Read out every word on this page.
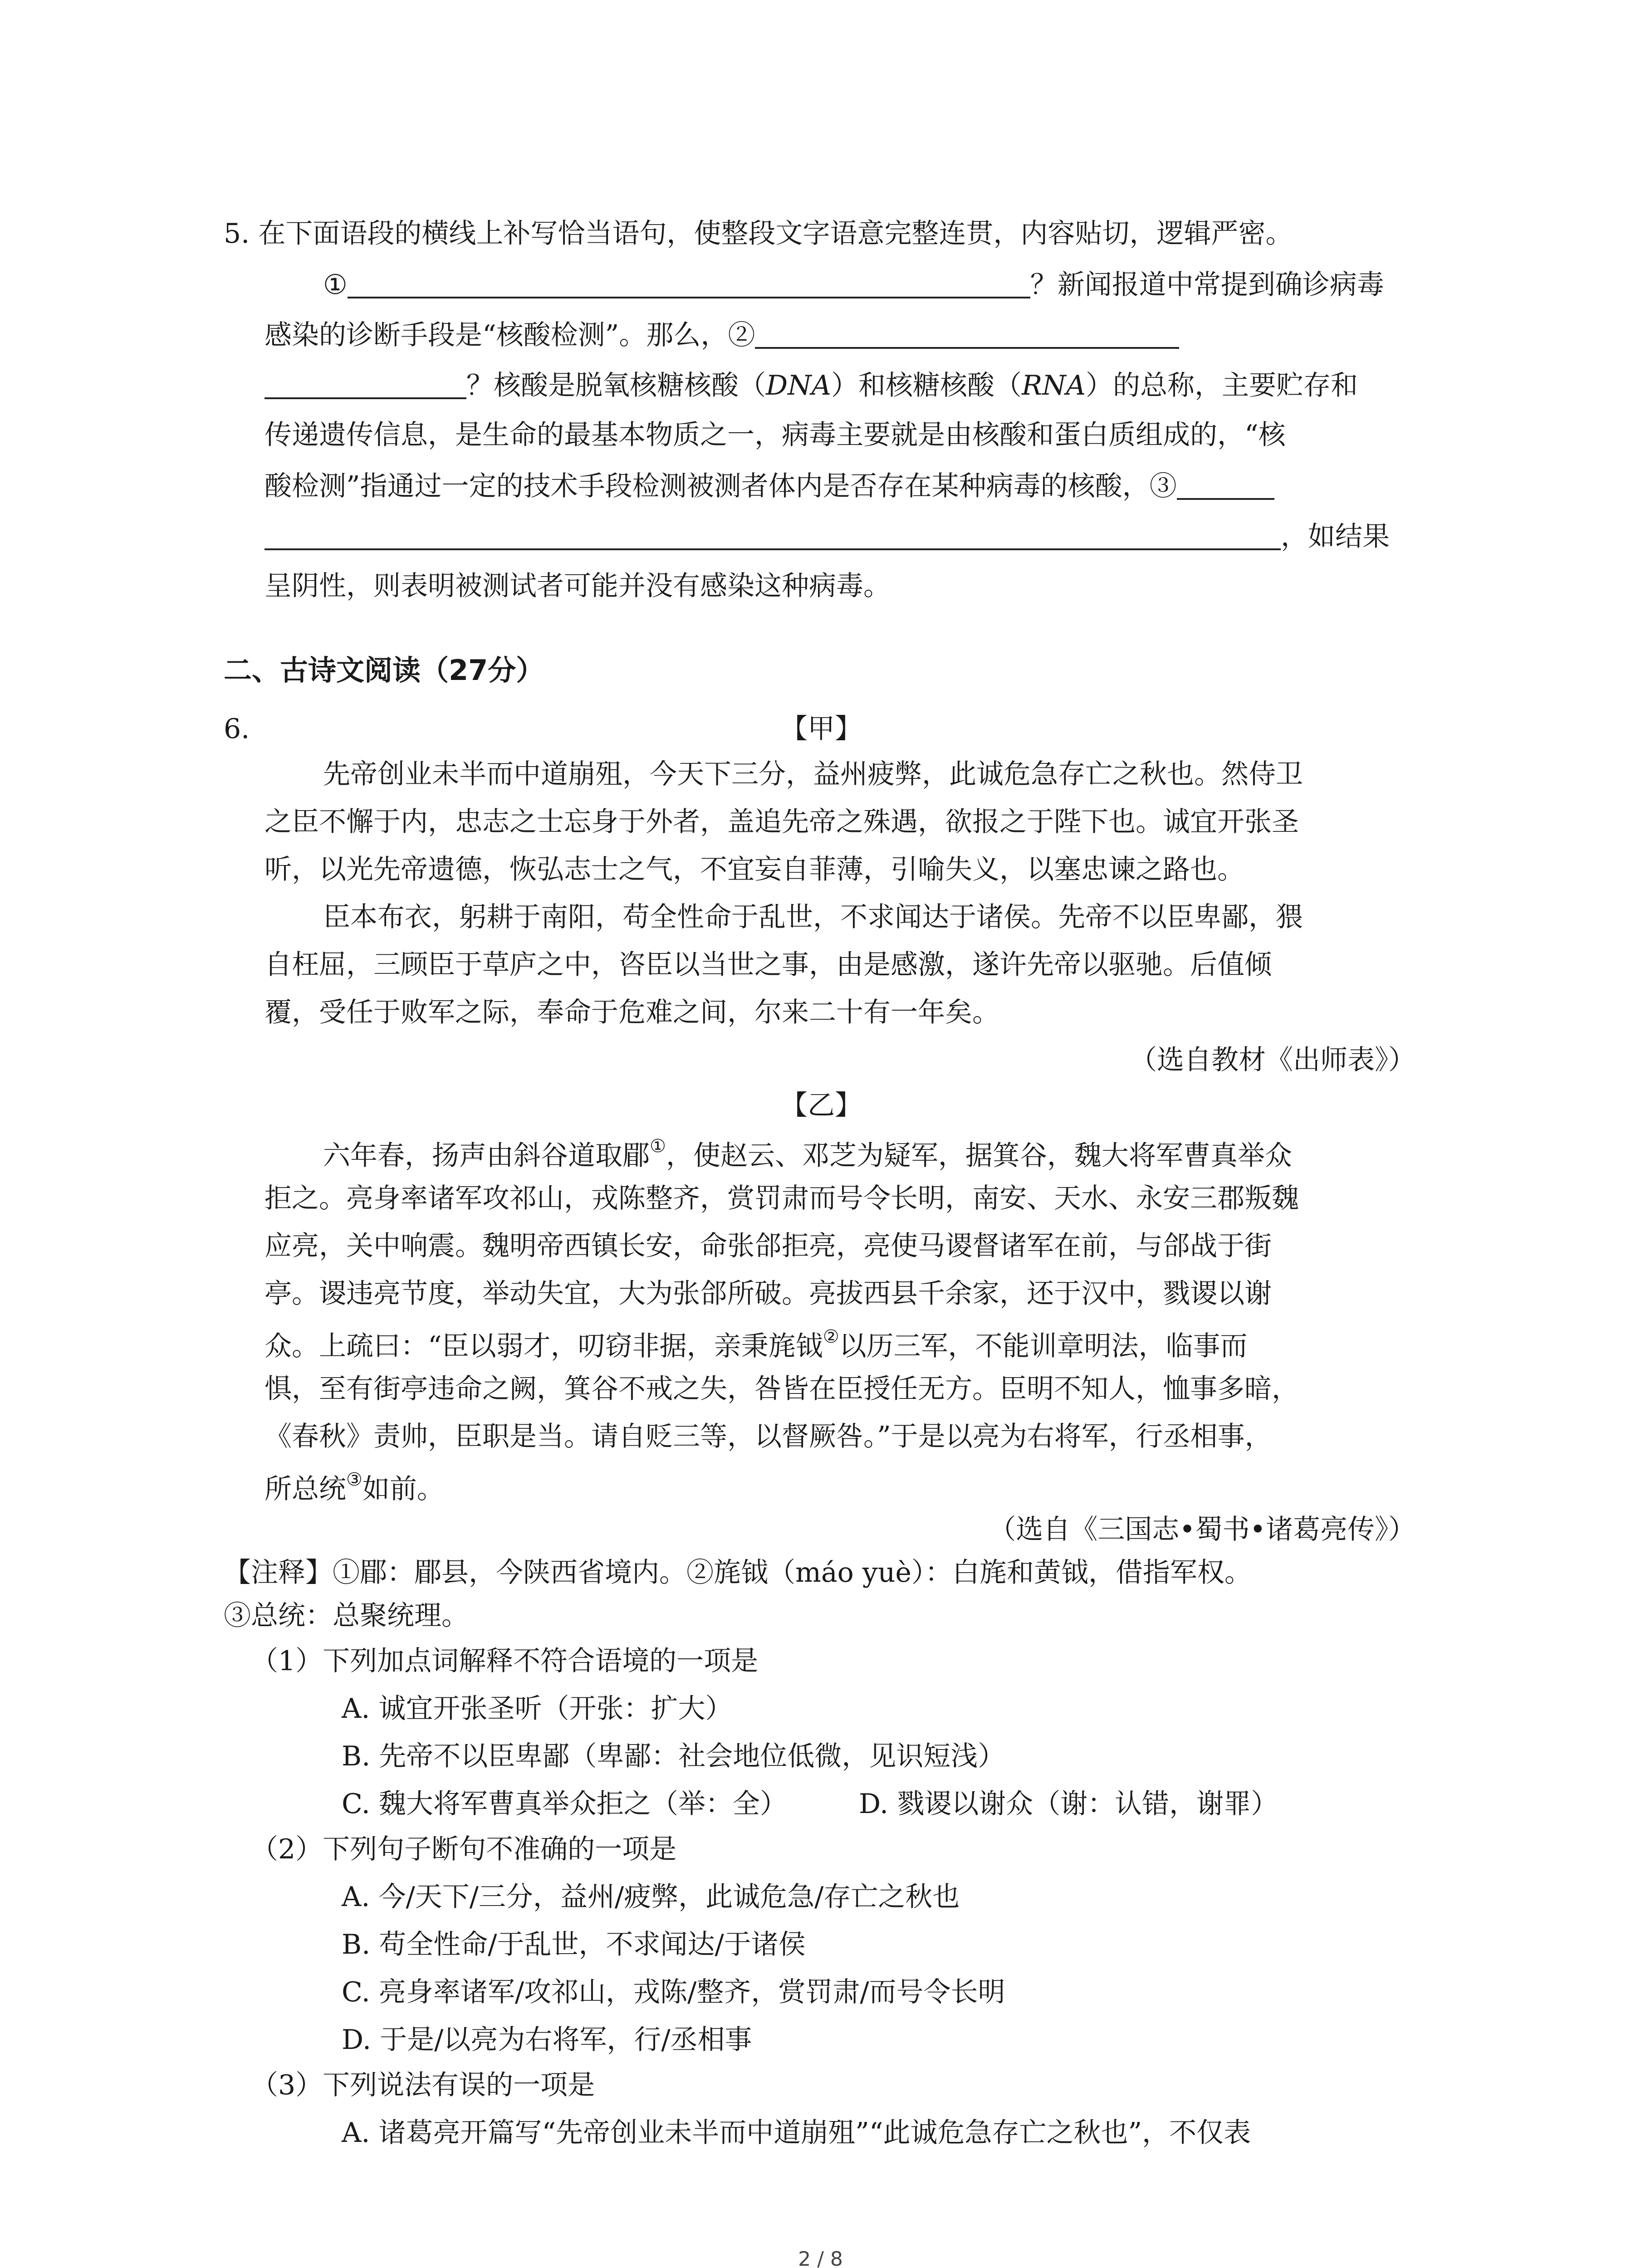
5. 在下面语段的横线上补写恰当语句，使整段文字语意完整连贯，内容贴切，逻辑严密。
①	？新闻报道中常提到确诊病毒
感染的诊断手段是“核酸检测”。那么，②
？核酸是脱氧核糖核酸（DNA）和核糖核酸（RNA）的总称，主要贮存和
传递遗传信息，是生命的最基本物质之一，病毒主要就是由核酸和蛋白质组成的，“核
酸检测”指通过一定的技术手段检测被测者体内是否存在某种病毒的核酸，③
，如结果
呈阴性，则表明被测试者可能并没有感染这种病毒。
二、古诗文阅读（27分）
6.	【甲】
先帝创业未半而中道崩殂，今天下三分，益州疲弊，此诚危急存亡之秋也。然侍卫
之臣不懈于内，忠志之士忘身于外者，盖追先帝之殊遇，欲报之于陛下也。诚宜开张圣
听，以光先帝遗德，恢弘志士之气，不宜妄自菲薄，引喻失义，以塞忠谏之路也。
臣本布衣，躬耕于南阳，苟全性命于乱世，不求闻达于诸侯。先帝不以臣卑鄙，猥
自枉屈，三顾臣于草庐之中，咨臣以当世之事，由是感激，遂许先帝以驱驰。后值倾
覆，受任于败军之际，奉命于危难之间，尔来二十有一年矣。
（选自教材《出师表》）
【乙】
六年春，扬声由斜谷道取郿①，使赵云、邓芝为疑军，据箕谷，魏大将军曹真举众
拒之。亮身率诸军攻祁山，戎陈整齐，赏罚肃而号令长明，南安、天水、永安三郡叛魏
应亮，关中响震。魏明帝西镇长安，命张郃拒亮，亮使马谡督诸军在前，与郃战于街
亭。谡违亮节度，举动失宜，大为张郃所破。亮拔西县千余家，还于汉中，戮谡以谢
众。上疏曰：“臣以弱才，叨窃非据，亲秉旄钺②以历三军，不能训章明法，临事而
惧，至有街亭违命之阙，箕谷不戒之失，咎皆在臣授任无方。臣明不知人，恤事多暗，
《春秋》责帅，臣职是当。请自贬三等，以督厥咎。”于是以亮为右将军，行丞相事，
所总统③如前。
（选自《三国志•蜀书•诸葛亮传》）
【注释】①郿：郿县，今陕西省境内。②旄钺（máo yuè）：白旄和黄钺，借指军权。
③总统：总聚统理。
（1）下列加点词解释不符合语境的一项是
A. 诚宜开张圣听（开张：扩大）
B. 先帝不以臣卑鄙（卑鄙：社会地位低微，见识短浅）
C. 魏大将军曹真举众拒之（举：全）	D. 戮谡以谢众（谢：认错，谢罪）
（2）下列句子断句不准确的一项是
A. 今/天下/三分，益州/疲弊，此诚危急/存亡之秋也
B. 苟全性命/于乱世，不求闻达/于诸侯
C. 亮身率诸军/攻祁山，戎陈/整齐，赏罚肃/而号令长明
D. 于是/以亮为右将军，行/丞相事
（3）下列说法有误的一项是
A. 诸葛亮开篇写“先帝创业未半而中道崩殂”“此诚危急存亡之秋也”，不仅表
2 / 8
